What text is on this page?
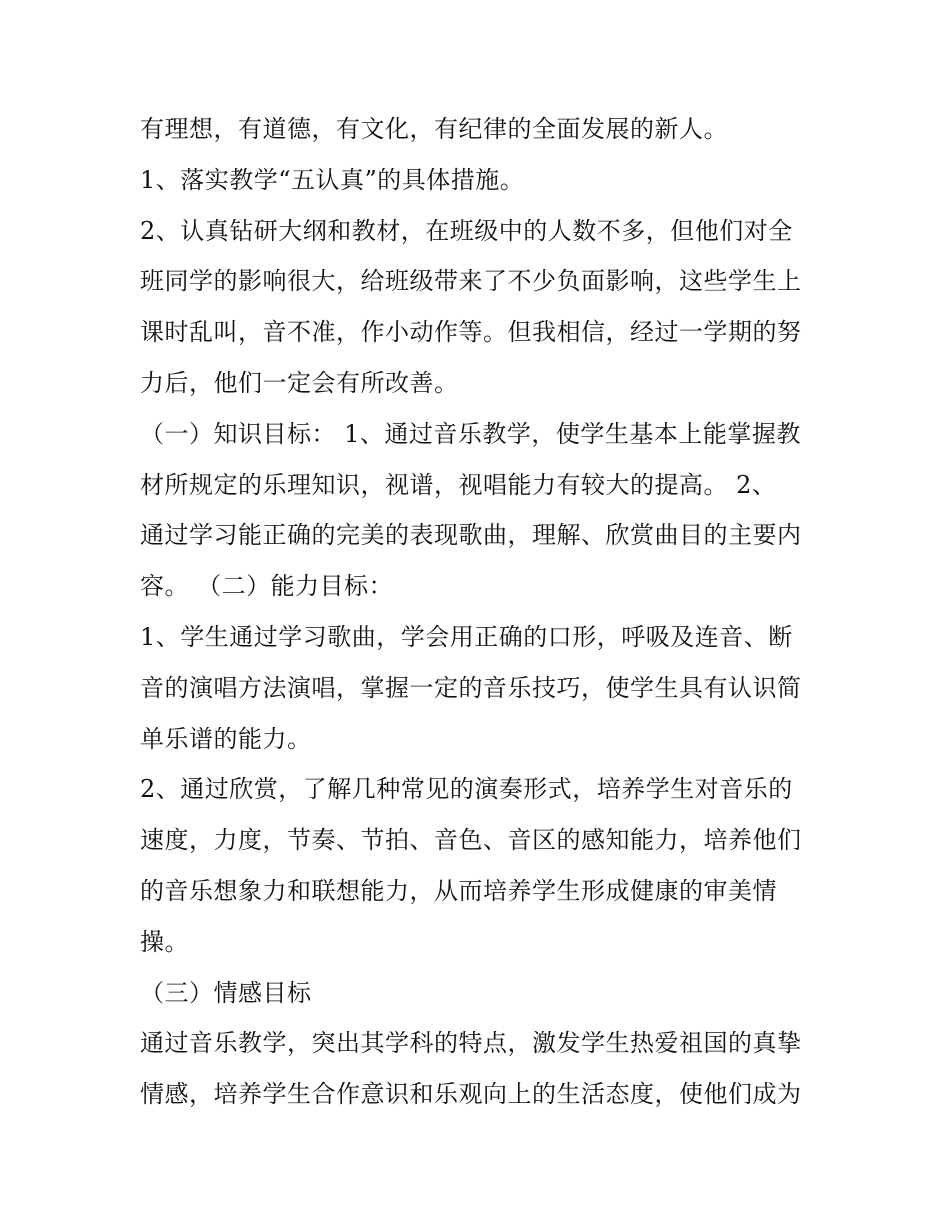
有理想，有道德，有文化，有纪律的全面发展的新人。
1、落实教学“五认真”的具体措施。
2、认真钻研大纲和教材，在班级中的人数不多，但他们对全
班同学的影响很大，给班级带来了不少负面影响，这些学生上
课时乱叫，音不准，作小动作等。但我相信，经过一学期的努
力后，他们一定会有所改善。
（一）知识目标： 1、通过音乐教学，使学生基本上能掌握教
材所规定的乐理知识，视谱，视唱能力有较大的提高。 2、
通过学习能正确的完美的表现歌曲，理解、欣赏曲目的主要内
容。 （二）能力目标：
1、学生通过学习歌曲，学会用正确的口形，呼吸及连音、断
音的演唱方法演唱，掌握一定的音乐技巧，使学生具有认识简
单乐谱的能力。
2、通过欣赏，了解几种常见的演奏形式，培养学生对音乐的
速度，力度，节奏、节拍、音色、音区的感知能力，培养他们
的音乐想象力和联想能力，从而培养学生形成健康的审美情
操。
（三）情感目标
通过音乐教学，突出其学科的特点，激发学生热爱祖国的真挚
情感，培养学生合作意识和乐观向上的生活态度，使他们成为
